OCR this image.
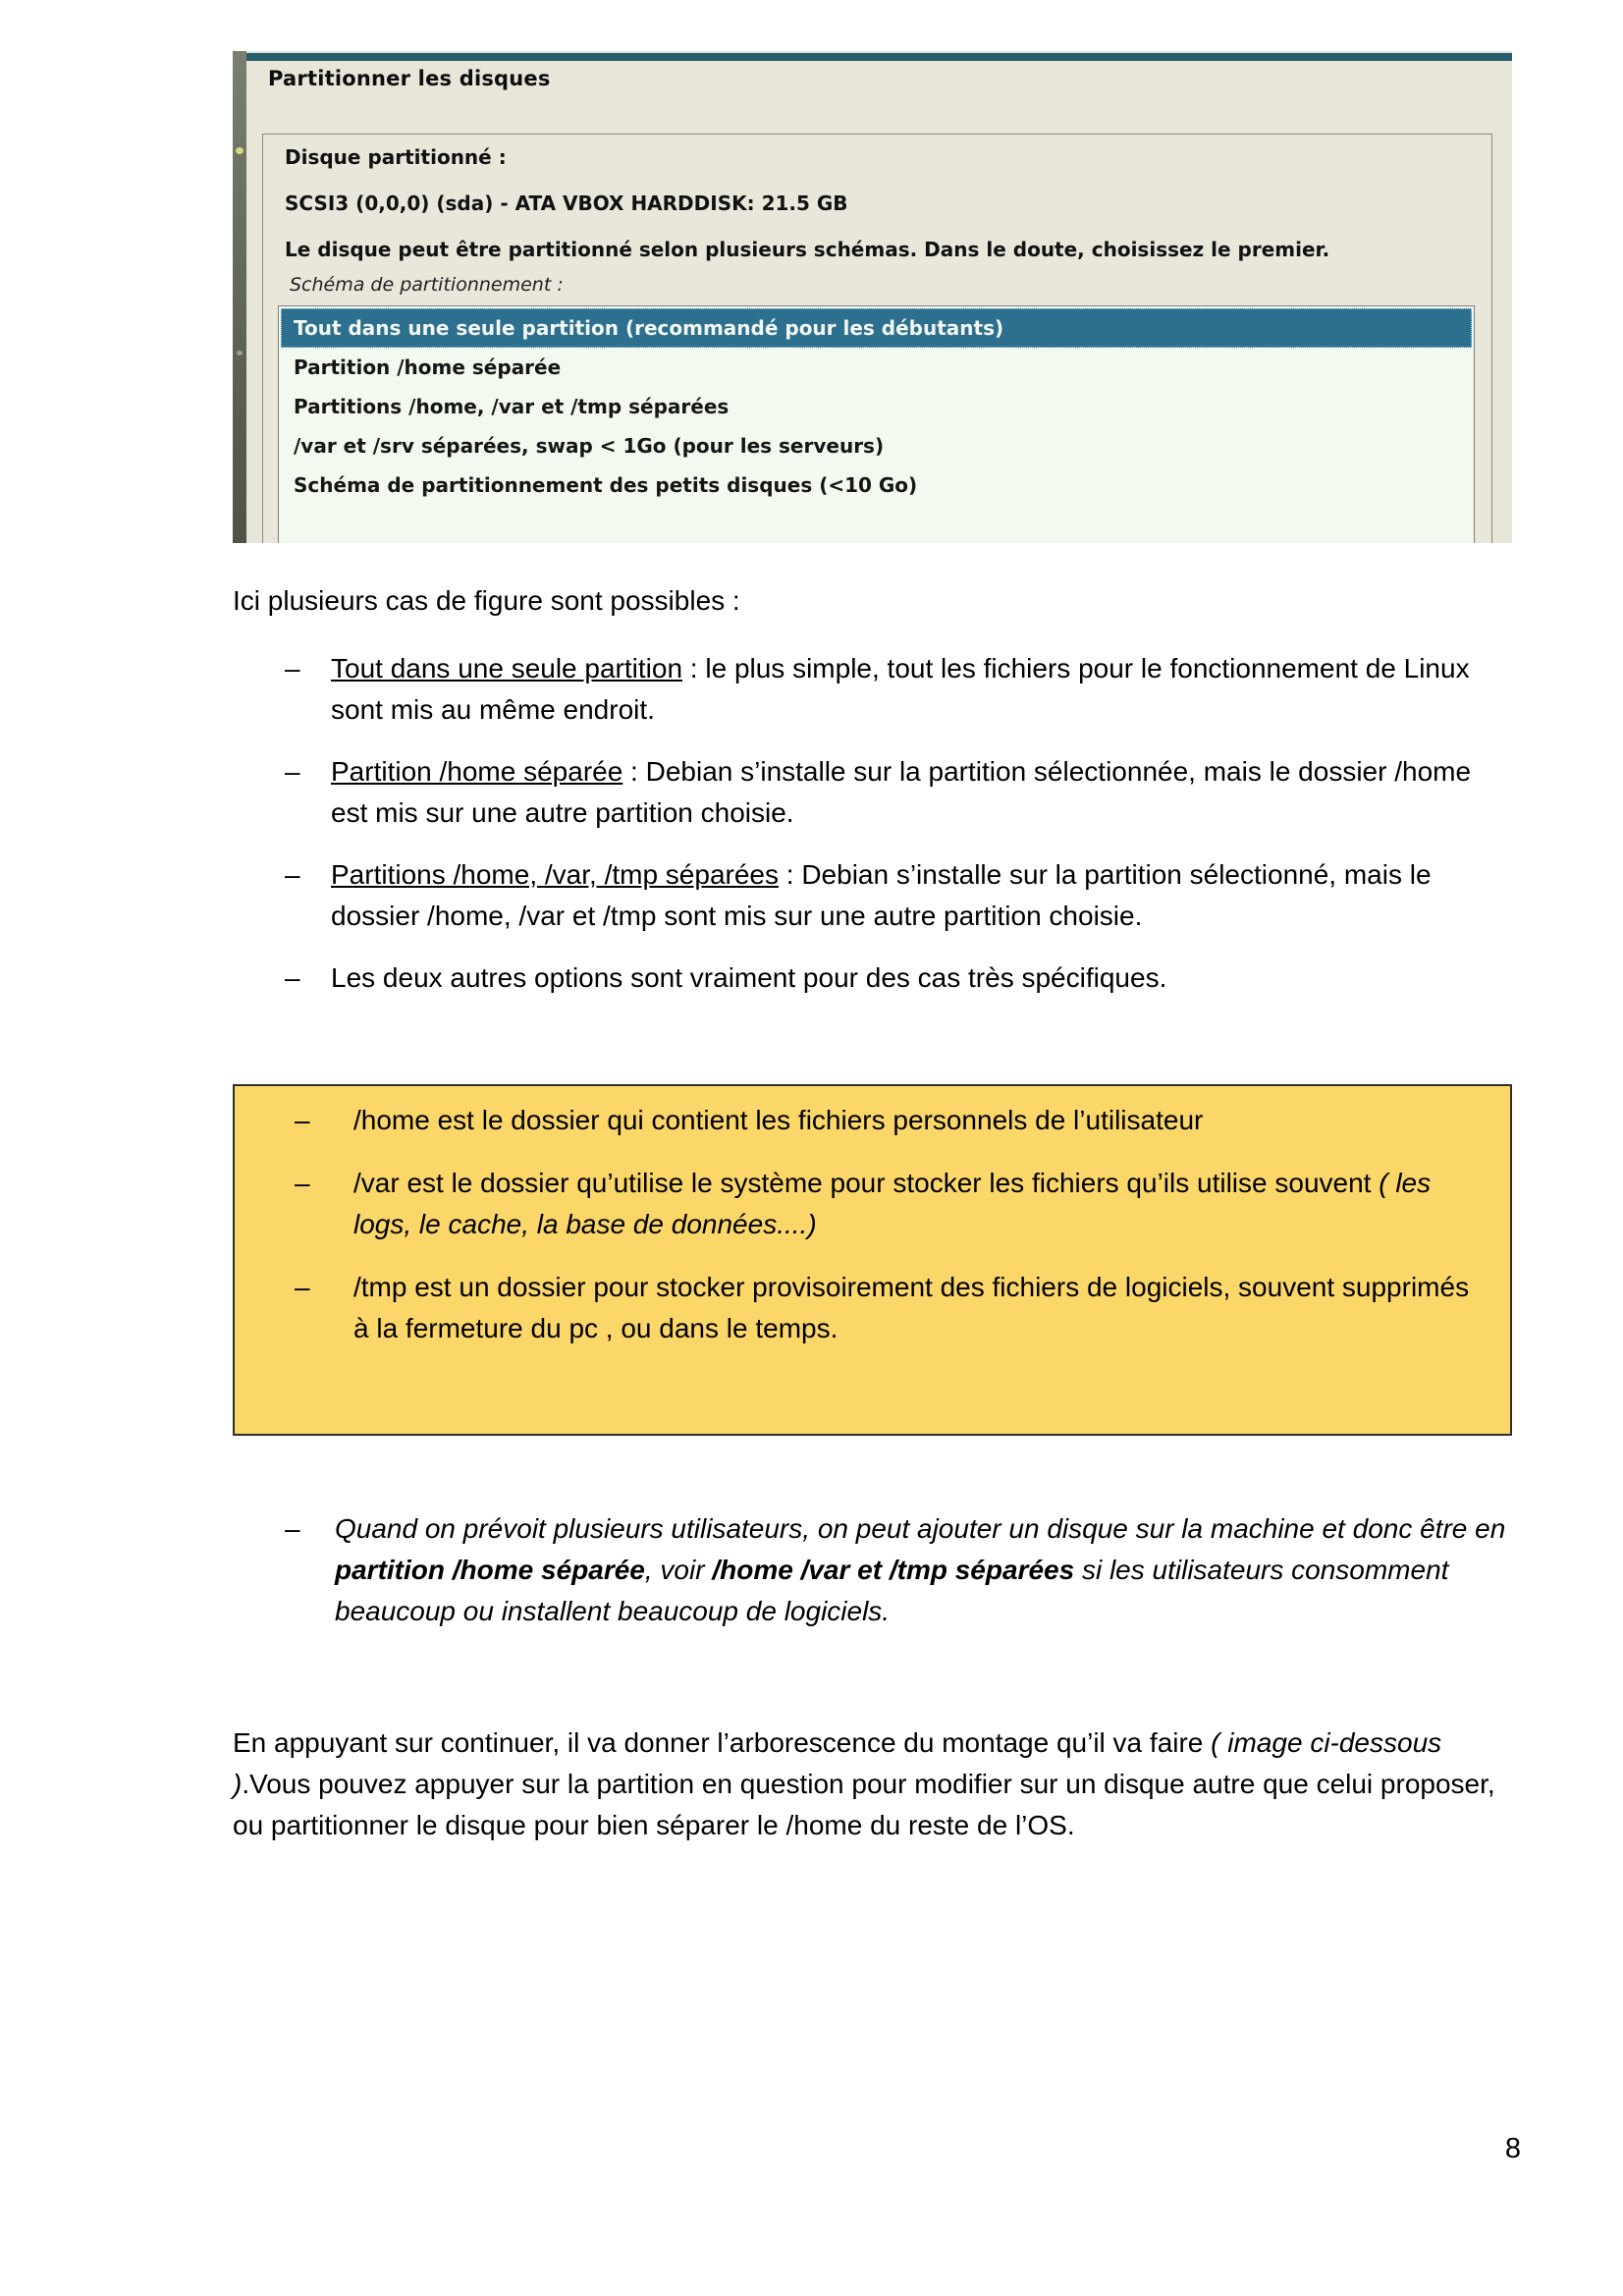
Partitionner les disques
Disque partitionné :
SCSI3 (0,0,0) (sda) - ATA VBOX HARDDISK: 21.5 GB
Le disque peut être partitionné selon plusieurs schémas. Dans le doute, choisissez le premier.
Schéma de partitionnement :
Tout dans une seule partition (recommandé pour les débutants)
Partition /home séparée
Partitions /home, /var et /tmp séparées
/var et /srv séparées, swap < 1Go (pour les serveurs)
Schéma de partitionnement des petits disques (<10 Go)

Ici plusieurs cas de figure sont possibles :

–	Tout dans une seule partition : le plus simple, tout les fichiers pour le fonctionnement de Linux sont mis au même endroit.
–	Partition /home séparée : Debian s’installe sur la partition sélectionnée, mais le dossier /home est mis sur une autre partition choisie.
–	Partitions /home, /var, /tmp séparées : Debian s’installe sur la partition sélectionné, mais le dossier /home, /var et /tmp sont mis sur une autre partition choisie.
–	Les deux autres options sont vraiment pour des cas très spécifiques.
–	/home est le dossier qui contient les fichiers personnels de l’utilisateur
–	/var est le dossier qu’utilise le système pour stocker les fichiers qu’ils utilise souvent ( les logs, le cache, la base de données....)
–	/tmp est un dossier pour stocker provisoirement des fichiers de logiciels, souvent supprimés à la fermeture du pc , ou dans le temps.
–	Quand on prévoit plusieurs utilisateurs, on peut ajouter un disque sur la machine et donc être en partition /home séparée, voir /home /var et /tmp séparées si les utilisateurs consomment beaucoup ou installent beaucoup de logiciels.

En appuyant sur continuer, il va donner l’arborescence du montage qu’il va faire ( image ci-dessous ).Vous pouvez appuyer sur la partition en question pour modifier sur un disque autre que celui proposer, ou partitionner le disque pour bien séparer le /home du reste de l’OS.

8
